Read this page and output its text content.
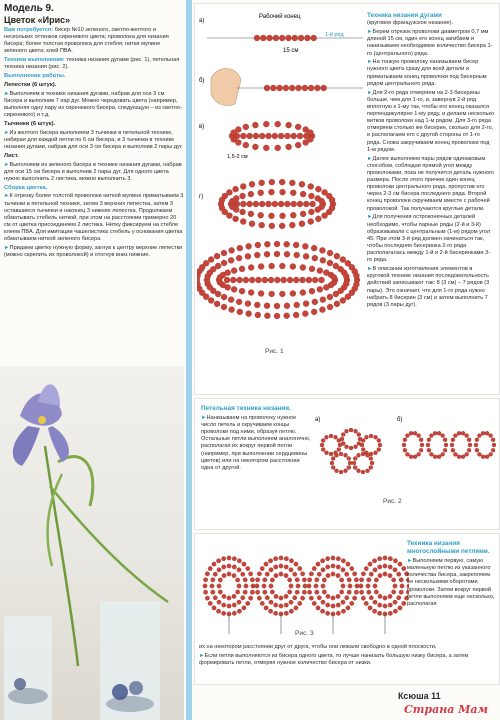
Модель 9.

Цветок «Ирис»

Вам потребуется: бисер №10 зеленого, светло-желтого и нескольких оттенков сиреневого цвета; проволока для низания бисера; более толстая проволока для стебля; нитки мулине зеленого цвета; клей ПВА.

Техники выполнения: техника низания дугами (рис. 1), петельная техника низания (рис. 2).

Выполнение работы.

Лепестки (6 штук).

► Выполняем в технике низания дугами, набрав для оси 3 см бисера и выполнив 7 пар дуг. Можно чередовать цвета (например, выполняя одну пару из сиреневого бисера, следующую – из светло-сиреневого) и т.д.

Тычинки (6 штук).

► Из желтого бисера выполняем 3 тычинки в петельной технике, набирая для каждой петли по 6 см бисера, и 3 тычинки в технике низания дугами, набрав для оси 3 см бисера и выполнив 2 пары дуг.

Лист.

► Выполняем из зеленого бисера в технике низания дугами, набрав для оси 15 см бисера и выполнив 2 пары дуг. Для одного цвета нужно выполнить 2 листика, можно выполнить 3.

Сборка цветка.

► К отрезку более толстой проволоки ниткой мулине приматываем 3 тычинки в петельной технике, затем 3 верхних лепестка, затем 3 оставшиеся тычинки и наконец 3 нижних лепестка. Продолжаем обматывать стебель ниткой, при этом на расстоянии примерно 20 см от цветка присоединяем 2 листика. Нитку фиксируем на стебле клеем ПВА. Для имитации чашелистика стебель у основания цветка обматываем ниткой зеленого бисера.

► Придаем цветку нужную форму, загнув к центру верхние лепестки (можно скрепить их проволокой) и отогнув вниз нижние.

а)
Рабочий конец
1-й ряд
15 см
б)
в)
1,5-2 см
г)
Рис. 1

Техника низания дугами

(круговое французское низание).

► Берем отрезок проволоки диаметром 0,7 мм длиной 15 см, один его конец загибаем и нанизываем необходимое количество бисера 1-го (центрального) ряда.

► На тонкую проволоку нанизываем бисер нужного цвета сразу для всей детали и приматываем конец проволоки под бисерным рядом центрального ряда.

► Для 2-го ряда отмеряем на 2-3 бисерины больше, чем для 1-го, и, завернув 2-й ряд вплотную к 1-му так, чтобы его конец оказался перпендикулярно 1-му ряду, и делаем несколько витков проволоки над 1-м рядом. Для 3-го ряда отмеряем столько же бисерин, сколько для 2-го, и располагаем его с другой стороны от 1-го ряда. Снова закручиваем конец проволоки под 1-м рядом.

► Далее выполняем пары рядов одинаковым способом, соблюдая прямой угол между проволоками, пока не получится деталь нужного размера. После этого причем один конец проволоки центрального ряда, пропустив его через 2-3 см бисера последнего ряда. Второй конец проволоки скручиваем вместе с рабочей проволокой. Так получаются круглые детали.

► Для получения остроконечных деталей необходимо, чтобы парные ряды (2-й и 3-й) образовывали с центральным (1-м) рядом угол 45. При этом 3-й ряд должен начинаться так, чтобы последняя бисеринка 2-го ряда располагалась между 1-й и 2-й бисеринками 3-го ряда.

► В описании изготовления элементов в круговой технике низания последовательность действий записывают так: 8 (3 см) – 7 рядов (3 пары). Это означает, что для 1-го ряда нужно набрать 8 бисерин (3 см) и затем выполнить 7 рядов (3 пары дуг).

Петельная техника низания.

► Нанизываем на проволоку нужное число петель и скручиваем концы проволоки под ними, образуя петлю. Остальные петли выполняем аналогично, располагая их вокруг первой петли (например, при выполнении сердцевины цветов) или на некотором расстоянии одна от другой.

а)	б)
Рис. 2
Рис. 3

Техника низания многослойными петлями.

► Выполняем первую, самую маленькую петлю из указанного количества бисера, закрепляем ее несколькими оборотами проволоки. Затем вокруг первой петли выполняем еще несколько, располагая

их на некотором расстоянии друг от друга, чтобы они лежали свободно в одной плоскости.

► Если петли выполняются из бисера одного цвета, то лучше нанизать большую низку бисера, а затем формировать петли, отмеряя нужное количество бисера от низки.

Ксюша 11
Страна Мам
